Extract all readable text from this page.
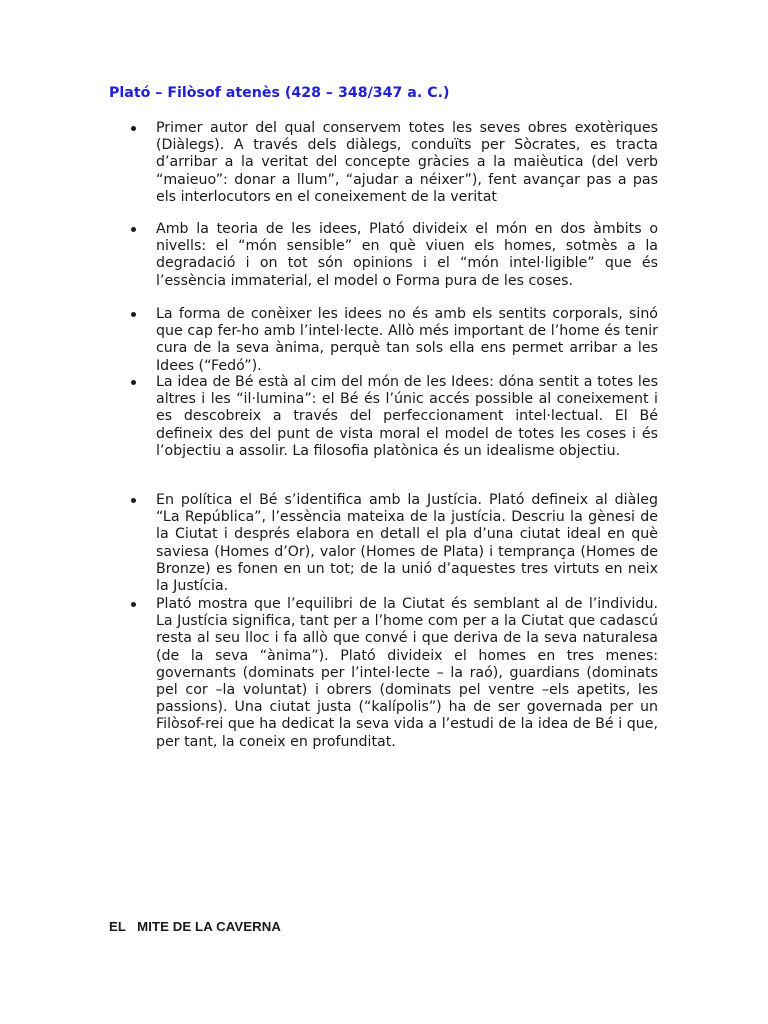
Plató – Filòsof atenès (428 – 348/347 a. C.)
Primer autor del qual conservem totes les seves obres exotèriques (Diàlegs). A través dels diàlegs, conduïts per Sòcrates, es tracta d’arribar a la veritat del concepte gràcies a la maièutica (del verb “maieuo”: donar a llum”, “ajudar a néixer”), fent avançar pas a pas els interlocutors en el coneixement de la veritat
Amb la teoria de les idees, Plató divideix el món en dos àmbits o nivells: el “món sensible” en què viuen els homes, sotmès a la degradació i on tot són opinions i el “món intel·ligible” que és l’essència immaterial, el model o Forma pura de les coses.
La forma de conèixer les idees no és amb els sentits corporals, sinó que cap fer-ho amb l’intel·lecte. Allò més important de l’home és tenir cura de la seva ànima, perquè tan sols ella ens permet arribar a les Idees (“Fedó”).
La idea de Bé està al cim del món de les Idees: dóna sentit a totes les altres i les “il·lumina”: el Bé és l’únic accés possible al coneixement i es descobreix a través del perfeccionament intel·lectual. El Bé defineix des del punt de vista moral el model de totes les coses i és l’objectiu a assolir. La filosofia platònica és un idealisme objectiu.
En política el Bé s’identifica amb la Justícia. Plató defineix al diàleg “La República”, l’essència mateixa de la justícia. Descriu la gènesi de la Ciutat i després elabora en detall el pla d’una ciutat ideal en què saviesa (Homes d’Or), valor (Homes de Plata) i temprança (Homes de Bronze) es fonen en un tot; de la unió d’aquestes tres virtuts en neix la Justícia.
Plató mostra que l’equilibri de la Ciutat és semblant al de l’individu. La Justícia significa, tant per a l’home com per a la Ciutat que cadascú resta al seu lloc i fa allò que convé i que deriva de la seva naturalesa (de la seva “ànima”). Plató divideix el homes en tres menes: governants (dominats per l’intel·lecte – la raó), guardians (dominats pel cor –la voluntat) i obrers (dominats pel ventre –els apetits, les passions). Una ciutat justa (“kalípolis”) ha de ser governada per un Filòsof-rei que ha dedicat la seva vida a l’estudi de la idea de Bé i que, per tant, la coneix en profunditat.
EL   MITE DE LA CAVERNA
